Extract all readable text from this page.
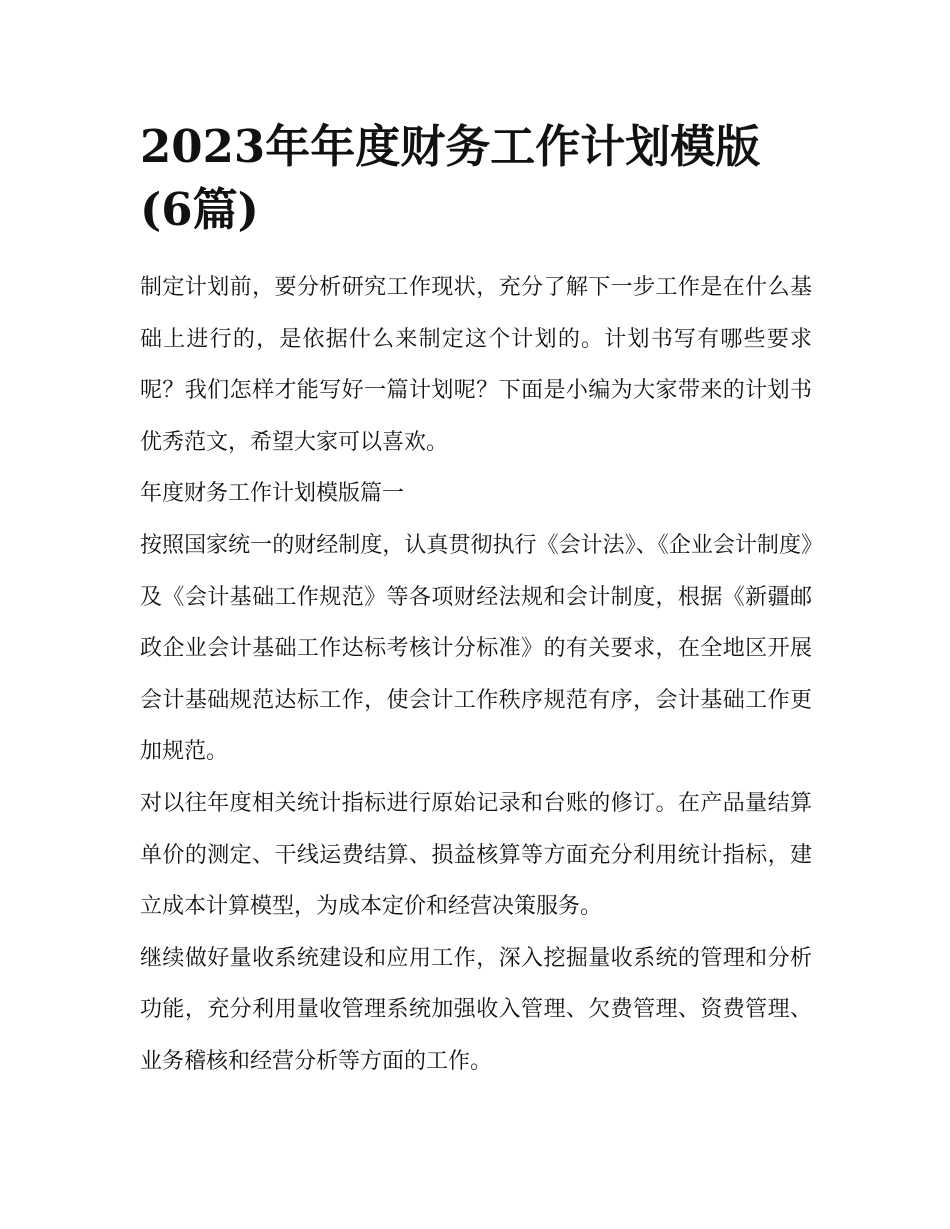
2023年年度财务工作计划模版(6篇)

制定计划前，要分析研究工作现状，充分了解下一步工作是在什么基础上进行的，是依据什么来制定这个计划的。计划书写有哪些要求呢？我们怎样才能写好一篇计划呢？下面是小编为大家带来的计划书优秀范文，希望大家可以喜欢。

年度财务工作计划模版篇一

按照国家统一的财经制度，认真贯彻执行《会计法》、《企业会计制度》及《会计基础工作规范》等各项财经法规和会计制度，根据《新疆邮政企业会计基础工作达标考核计分标准》的有关要求，在全地区开展会计基础规范达标工作，使会计工作秩序规范有序，会计基础工作更加规范。

对以往年度相关统计指标进行原始记录和台账的修订。在产品量结算单价的测定、干线运费结算、损益核算等方面充分利用统计指标，建立成本计算模型，为成本定价和经营决策服务。

继续做好量收系统建设和应用工作，深入挖掘量收系统的管理和分析功能，充分利用量收管理系统加强收入管理、欠费管理、资费管理、业务稽核和经营分析等方面的工作。
